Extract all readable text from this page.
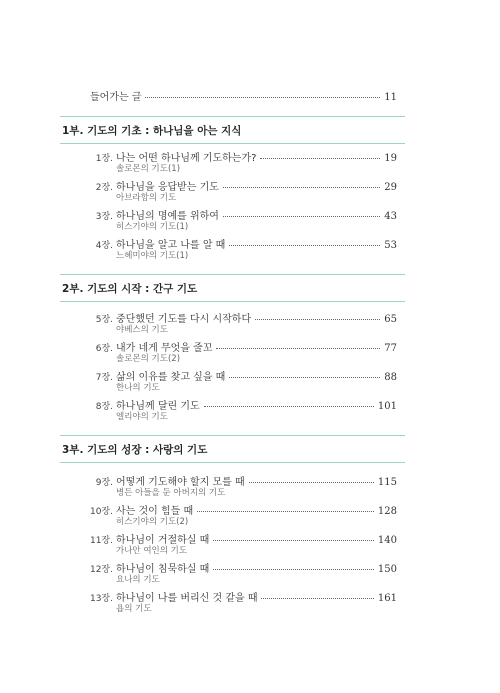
들어가는 글	11
1부. 기도의 기초 : 하나님을 아는 지식
1장. 나는 어떤 하나님께 기도하는가?	19
솔로몬의 기도(1)
2장. 하나님을 응답받는 기도	29
아브라함의 기도
3장. 하나님의 명예를 위하여	43
히스기야의 기도(1)
4장. 하나님을 알고 나를 알 때	53
느헤미야의 기도(1)
2부. 기도의 시작 : 간구 기도
5장. 중단했던 기도를 다시 시작하다	65
야베스의 기도
6장. 내가 네게 무엇을 줄꼬	77
솔로몬의 기도(2)
7장. 삶의 이유를 찾고 싶을 때	88
한나의 기도
8장. 하나님께 달린 기도	101
엘리야의 기도
3부. 기도의 성장 : 사랑의 기도
9장. 어떻게 기도해야 할지 모를 때	115
병든 아들을 둔 아버지의 기도
10장. 사는 것이 힘들 때	128
히스기야의 기도(2)
11장. 하나님이 거절하실 때	140
가나안 여인의 기도
12장. 하나님이 침묵하실 때	150
요나의 기도
13장. 하나님이 나를 버리신 것 같을 때	161
욥의 기도
